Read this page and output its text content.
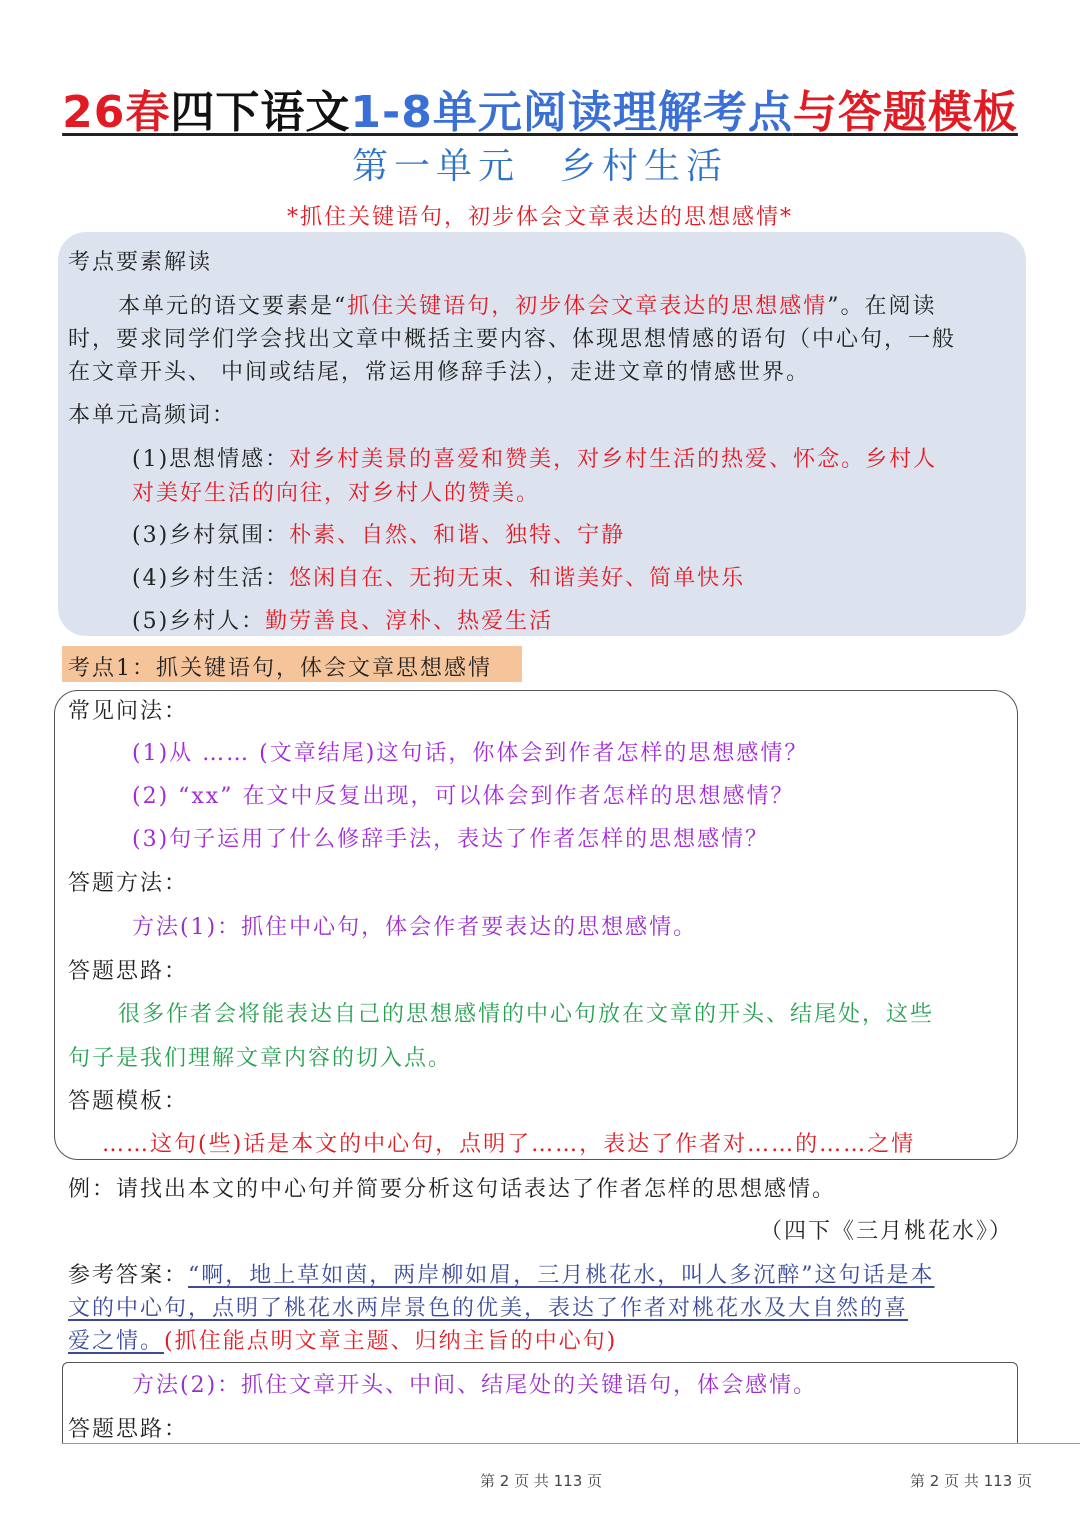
26春四下语文1-8单元阅读理解考点与答题模板
第一单元 乡村生活
*抓住关键语句，初步体会文章表达的思想感情*
考点要素解读
本单元的语文要素是“抓住关键语句，初步体会文章表达的思想感情”。在阅读
时，要求同学们学会找出文章中概括主要内容、体现思想情感的语句（中心句，一般
在文章开头、 中间或结尾，常运用修辞手法），走进文章的情感世界。
本单元高频词：
(1)思想情感：对乡村美景的喜爱和赞美，对乡村生活的热爱、怀念。乡村人
对美好生活的向往，对乡村人的赞美。
(3)乡村氛围：朴素、自然、和谐、独特、宁静
(4)乡村生活：悠闲自在、无拘无束、和谐美好、简单快乐
(5)乡村人：勤劳善良、淳朴、热爱生活
考点1：抓关键语句，体会文章思想感情
常见问法：
(1)从 …… (文章结尾)这句话，你体会到作者怎样的思想感情？
(2) “xx” 在文中反复出现，可以体会到作者怎样的思想感情？
(3)句子运用了什么修辞手法，表达了作者怎样的思想感情？
答题方法：
方法(1)：抓住中心句，体会作者要表达的思想感情。
答题思路：
很多作者会将能表达自己的思想感情的中心句放在文章的开头、结尾处，这些
句子是我们理解文章内容的切入点。
答题模板：
……这句(些)话是本文的中心句，点明了……，表达了作者对……的……之情
例：请找出本文的中心句并简要分析这句话表达了作者怎样的思想感情。
（四下《三月桃花水》）
参考答案：“啊，地上草如茵，两岸柳如眉，三月桃花水，叫人多沉醉”这句话是本
文的中心句，点明了桃花水两岸景色的优美，表达了作者对桃花水及大自然的喜
爱之情。(抓住能点明文章主题、归纳主旨的中心句)
方法(2)：抓住文章开头、中间、结尾处的关键语句，体会感情。
答题思路：
第 2 页 共 113 页	第 2 页 共 113 页
